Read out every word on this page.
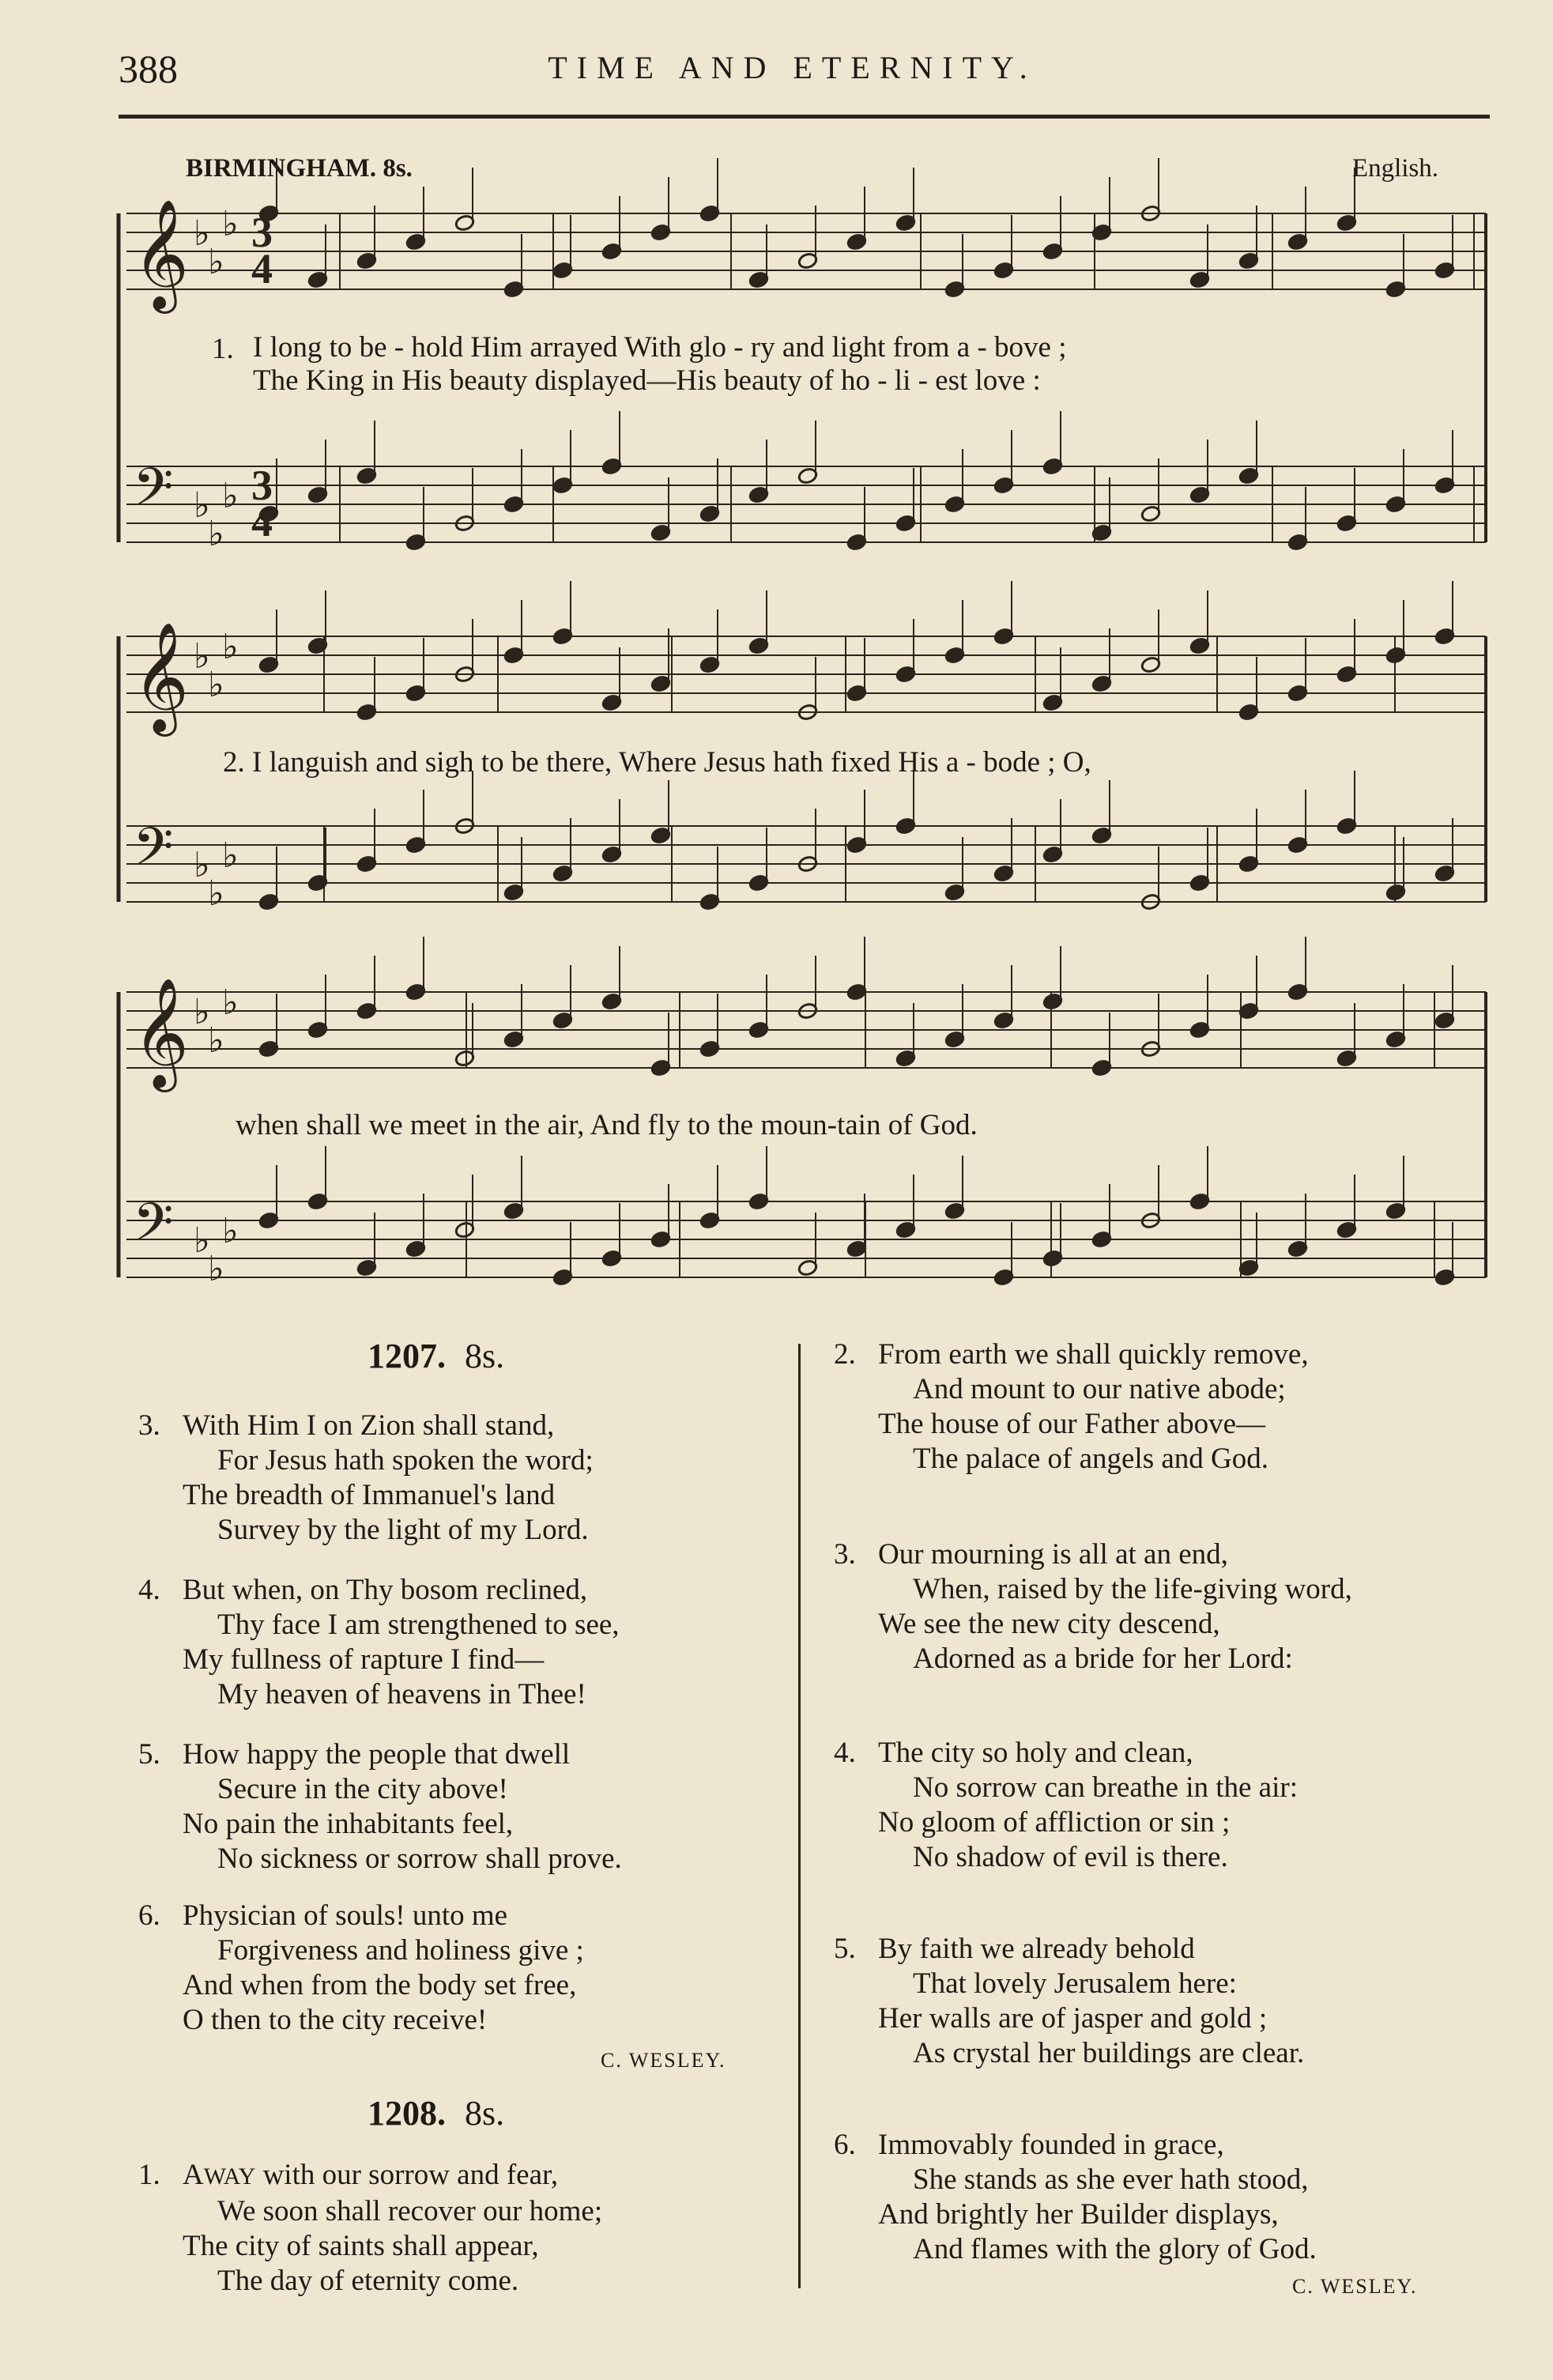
388	TIME AND ETERNITY.
BIRMINGHAM. 8s.	English.
𝄞 ♭
♭
♭
𝄢 ♭
♭
♭
𝄞 ♭
♭
♭
𝄢 ♭
♭
♭
𝄞 ♭
♭
♭
𝄢 ♭
♭
♭
3
3
4
4
1. I long to be - hold Him arrayed With glo - ry and light from a - bove ;
The King in His beauty displayed—His beauty of ho - li - est love :
2. I languish and sigh to be there, Where Jesus hath fixed His a - bode ; O,
when shall we meet in the air, And fly to the moun-tain of God.
1207. 8s.
3. With Him I on Zion shall stand,
For Jesus hath spoken the word;
The breadth of Immanuel's land
Survey by the light of my Lord.
4. But when, on Thy bosom reclined,
Thy face I am strengthened to see,
My fullness of rapture I find—
My heaven of heavens in Thee!
5. How happy the people that dwell
Secure in the city above!
No pain the inhabitants feel,
No sickness or sorrow shall prove.
6. Physician of souls! unto me
Forgiveness and holiness give ;
And when from the body set free,
O then to the city receive!
C. WESLEY.
1208. 8s.
1. AWAY with our sorrow and fear,
We soon shall recover our home;
The city of saints shall appear,
The day of eternity come.
2. From earth we shall quickly remove,
And mount to our native abode;
The house of our Father above—
The palace of angels and God.
3. Our mourning is all at an end,
When, raised by the life-giving word,
We see the new city descend,
Adorned as a bride for her Lord:
4. The city so holy and clean,
No sorrow can breathe in the air:
No gloom of affliction or sin ;
No shadow of evil is there.
5. By faith we already behold
That lovely Jerusalem here:
Her walls are of jasper and gold ;
As crystal her buildings are clear.
6. Immovably founded in grace,
She stands as she ever hath stood,
And brightly her Builder displays,
And flames with the glory of God.
C. WESLEY.
